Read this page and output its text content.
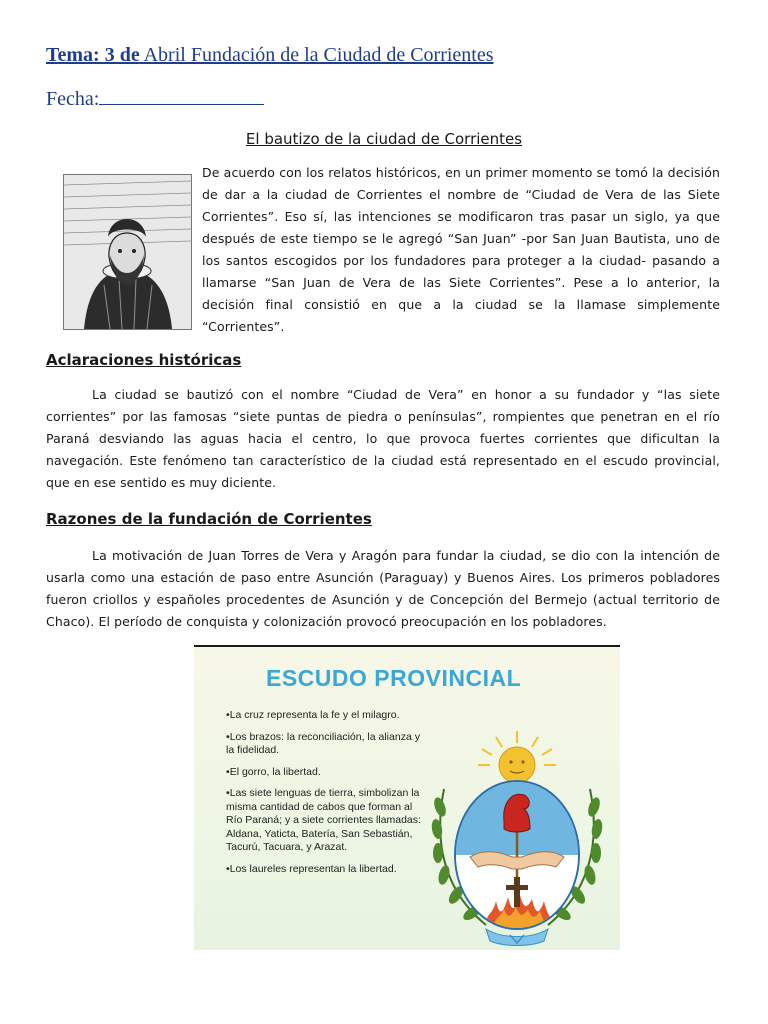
Tema: 3 de Abril Fundación de la Ciudad de Corrientes
Fecha:
El bautizo de la ciudad de Corrientes
De acuerdo con los relatos históricos, en un primer momento se tomó la decisión de dar a la ciudad de Corrientes el nombre de “Ciudad de Vera de las Siete Corrientes”. Eso sí, las intenciones se modificaron tras pasar un siglo, ya que después de este tiempo se le agregó “San Juan” -por San Juan Bautista, uno de los santos escogidos por los fundadores para proteger a la ciudad- pasando a llamarse “San Juan de Vera de las Siete Corrientes”. Pese a lo anterior, la decisión final consistió en que a la ciudad se la llamase simplemente “Corrientes”.
Aclaraciones históricas
La ciudad se bautizó con el nombre “Ciudad de Vera” en honor a su fundador y “las siete corrientes” por las famosas “siete puntas de piedra o penínsulas”, rompientes que penetran en el río Paraná desviando las aguas hacia el centro, lo que provoca fuertes corrientes que dificultan la navegación. Este fenómeno tan característico de la ciudad está representado en el escudo provincial, que en ese sentido es muy diciente.
Razones de la fundación de Corrientes
La motivación de Juan Torres de Vera y Aragón para fundar la ciudad, se dio con la intención de usarla como una estación de paso entre Asunción (Paraguay) y Buenos Aires. Los primeros pobladores fueron criollos y españoles procedentes de Asunción y de Concepción del Bermejo (actual territorio de Chaco). El período de conquista y colonización provocó preocupación en los pobladores.
ESCUDO PROVINCIAL
• La cruz representa la fe y el milagro.
• Los brazos: la reconciliación, la alianza y la fidelidad.
• El gorro, la libertad.
• Las siete lenguas de tierra, simbolizan la misma cantidad de cabos que forman al Río Paraná; y a siete corrientes llamadas: Aldana, Yaticta, Batería, San Sebastián, Tacurú, Tacuara, y Arazat.
• Los laureles representan la libertad.
